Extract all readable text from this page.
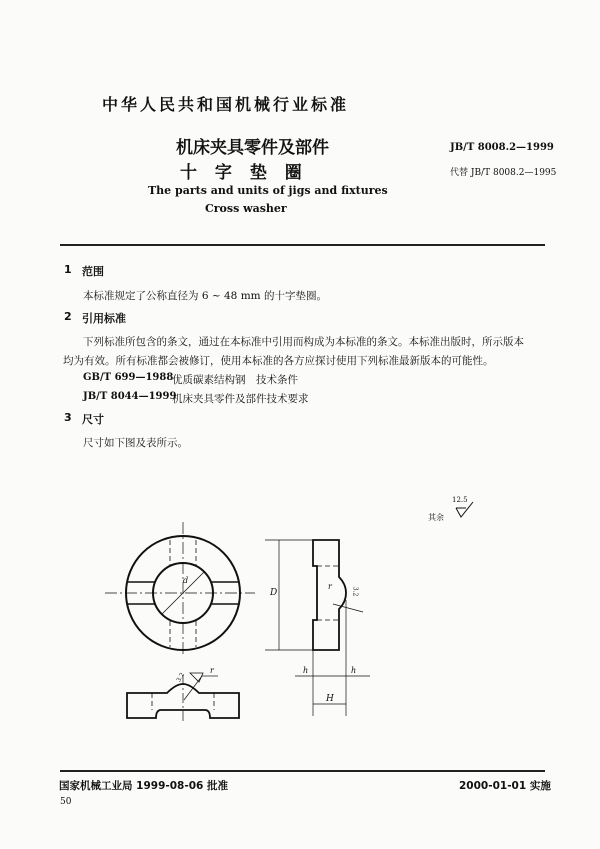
中华人民共和国机械行业标准
机床夹具零件及部件
十 字 垫 圈
The parts and units of jigs and fixtures
Cross washer
JB/T 8008.2—1999
代替 JB/T 8008.2—1995
1 范围
本标准规定了公称直径为 6 ~ 48 mm 的十字垫圈。
2 引用标准
下列标准所包含的条文，通过在本标准中引用而构成为本标准的条文。本标准出版时，所示版本
均为有效。所有标准都会被修订，使用本标准的各方应探讨使用下列标准最新版本的可能性。
GB/T 699—1988
优质碳素结构钢　技术条件
JB/T 8044—1999
机床夹具零件及部件技术要求
3 尺寸
尺寸如下图及表所示。
其余
12.5
3.2
3.2
d
D
r
r	h	h
H
国家机械工业局 1999-08-06 批准	2000-01-01 实施
50
